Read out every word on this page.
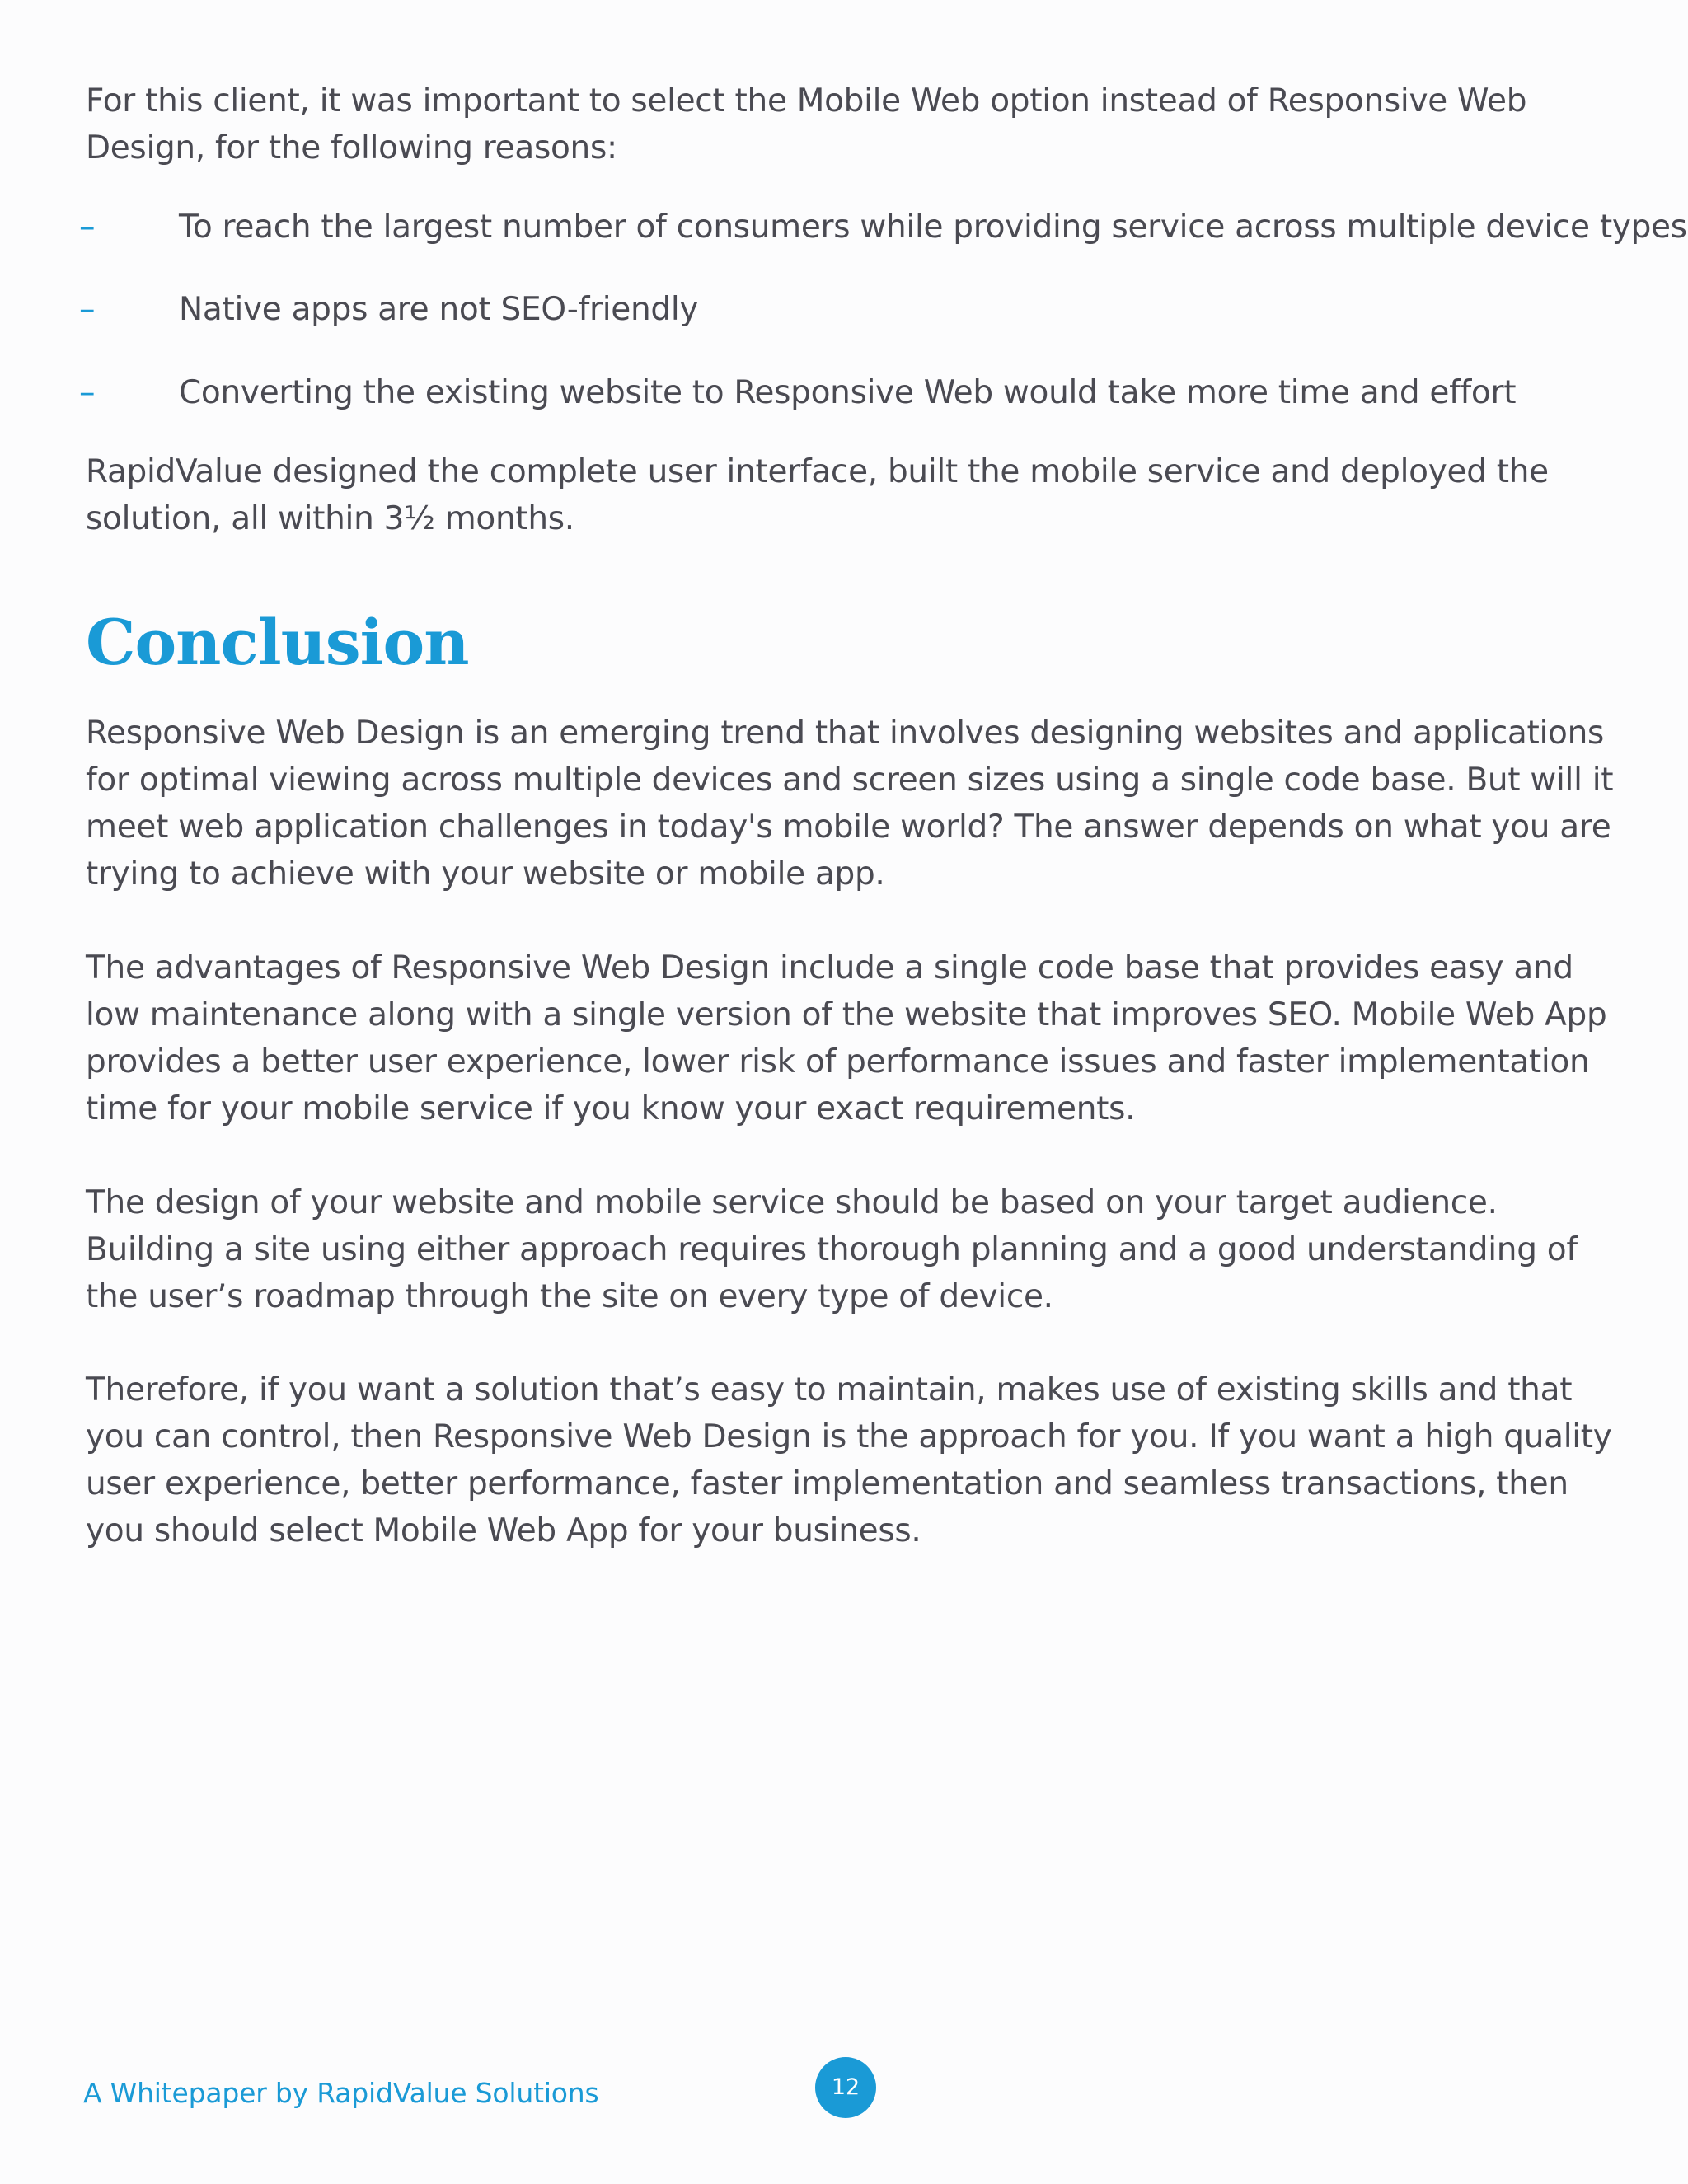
For this client, it was important to select the Mobile Web option instead of Responsive Web Design, for the following reasons:

–	To reach the largest number of consumers while providing service across multiple device types
–	Native apps are not SEO-friendly
–	Converting the existing website to Responsive Web would take more time and effort

RapidValue designed the complete user interface, built the mobile service and deployed the solution, all within 3½ months.

Conclusion

Responsive Web Design is an emerging trend that involves designing websites and applications for optimal viewing across multiple devices and screen sizes using a single code base. But will it meet web application challenges in today's mobile world? The answer depends on what you are trying to achieve with your website or mobile app.

The advantages of Responsive Web Design include a single code base that provides easy and low maintenance along with a single version of the website that improves SEO. Mobile Web App provides a better user experience, lower risk of performance issues and faster implementation time for your mobile service if you know your exact requirements.

The design of your website and mobile service should be based on your target audience. Building a site using either approach requires thorough planning and a good understanding of the user’s roadmap through the site on every type of device.

Therefore, if you want a solution that’s easy to maintain, makes use of existing skills and that you can control, then Responsive Web Design is the approach for you. If you want a high quality user experience, better performance, faster implementation and seamless transactions, then you should select Mobile Web App for your business.

A Whitepaper by RapidValue Solutions	12
